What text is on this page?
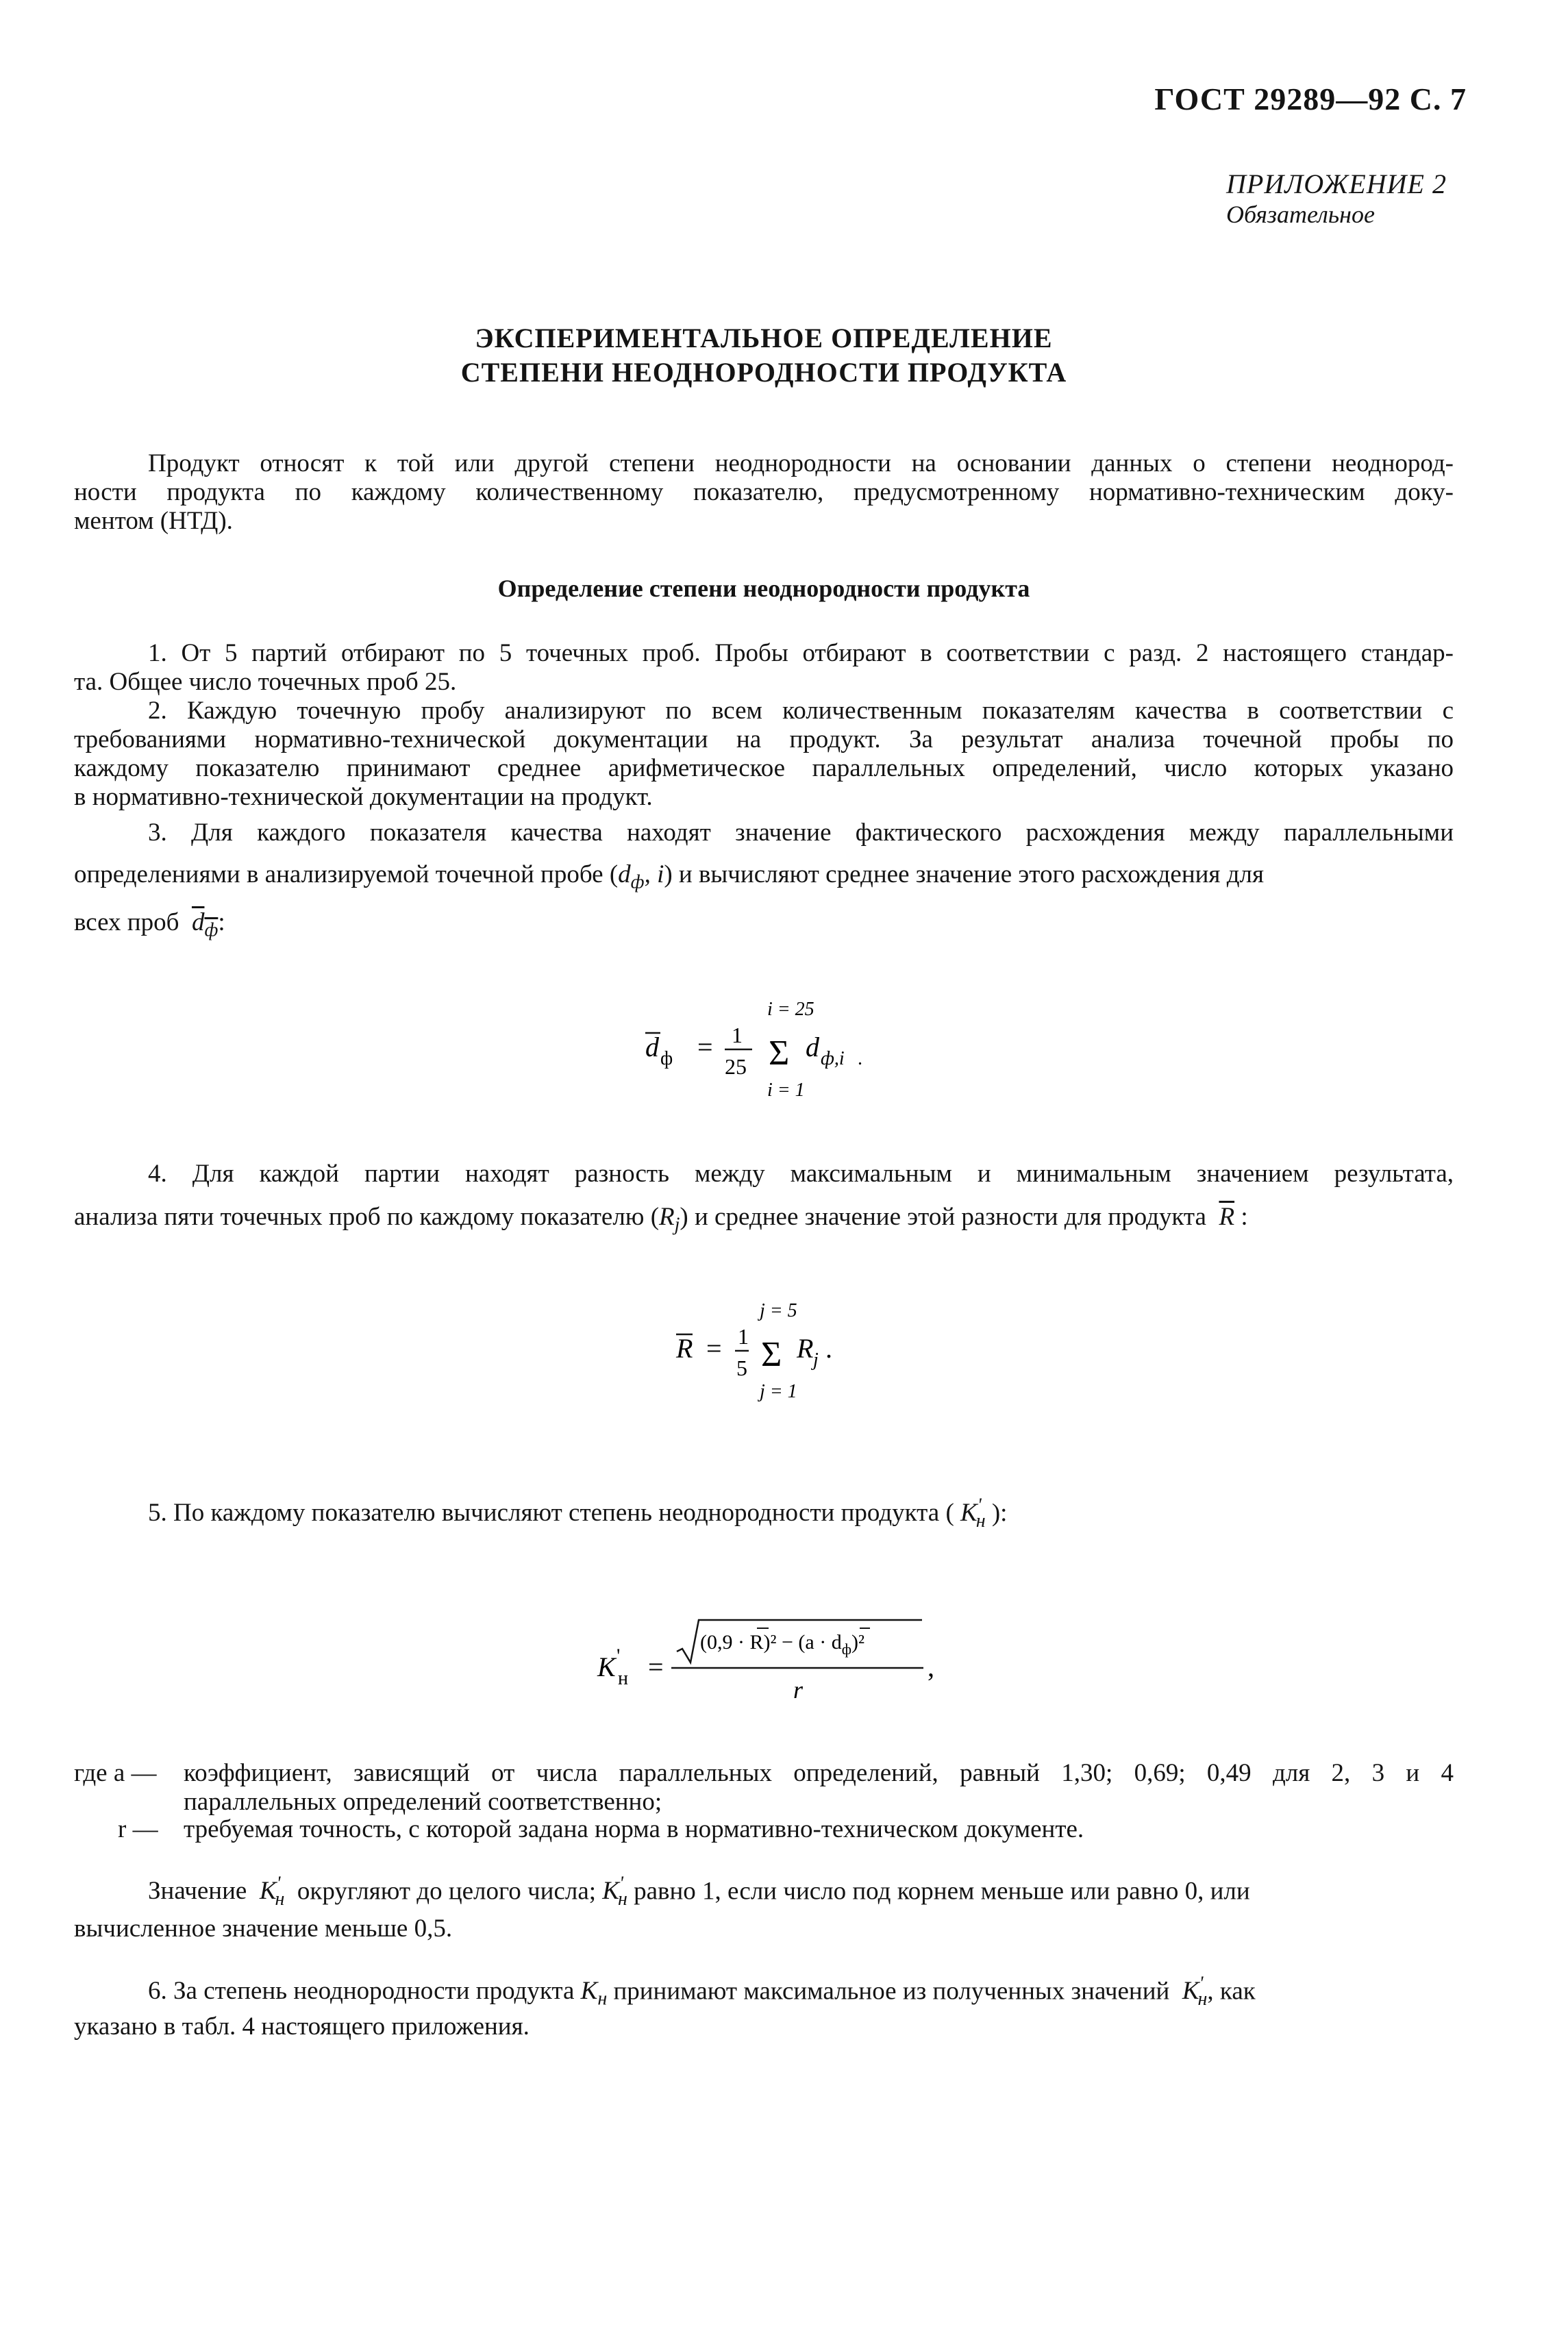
ГОСТ 29289—92 С. 7
ПРИЛОЖЕНИЕ 2
Обязательное
ЭКСПЕРИМЕНТАЛЬНОЕ ОПРЕДЕЛЕНИЕ
СТЕПЕНИ НЕОДНОРОДНОСТИ ПРОДУКТА

Продукт относят к той или другой степени неоднородности на основании данных о степени неоднород-

ности продукта по каждому количественному показателю, предусмотренному нормативно-техническим доку-

ментом (НТД).

Определение степени неоднородности продукта

1. От 5 партий отбирают по 5 точечных проб. Пробы отбирают в соответствии с разд. 2 настоящего стандар-

та. Общее число точечных проб 25.

2. Каждую точечную пробу анализируют по всем количественным показателям качества в соответствии с

требованиями нормативно-технической документации на продукт. За результат анализа точечной пробы по

каждому показателю принимают среднее арифметическое параллельных определений, число которых указано

в нормативно-технической документации на продукт.

3. Для каждого показателя качества находят значение фактического расхождения между параллельными

определениями в анализируемой точечной пробе ($d_ф$, i) и вычисляют среднее значение этого расхождения для
всех проб $d_ф$:
d ф = 1
25
i = 25
Σ
i = 1
d ф,i .

4. Для каждой партии находят разность между максимальным и минимальным значением результата,

анализа пяти точечных проб по каждому показателю $(R_j)$ и среднее значение этой разности для продукта $\overline{R}$ :
R = 1
5
j = 5
Σ
j = 1
R j .
5. По каждому показателю вычисляют степень неоднородности продукта ( $K'_н$ ):
K '
н =
$(0,9 \cdot R)^2 - (a \cdot d_ф)^2$
r
,
где a — коэффициент, зависящий от числа параллельных определений, равный 1,30; 0,69; 0,49 для 2, 3 и 4

параллельных определений соответственно;

r — требуемая точность, с которой задана норма в нормативно-техническом документе.
Значение $K'_н$ округляют до целого числа; $K'_н$ равно 1, если число под корнем меньше или равно 0, или
вычисленное значение меньше 0,5.
6. За степень неоднородности продукта $K_н$ принимают максимальное из полученных значений $K'_н$, как
указано в табл. 4 настоящего приложения.
